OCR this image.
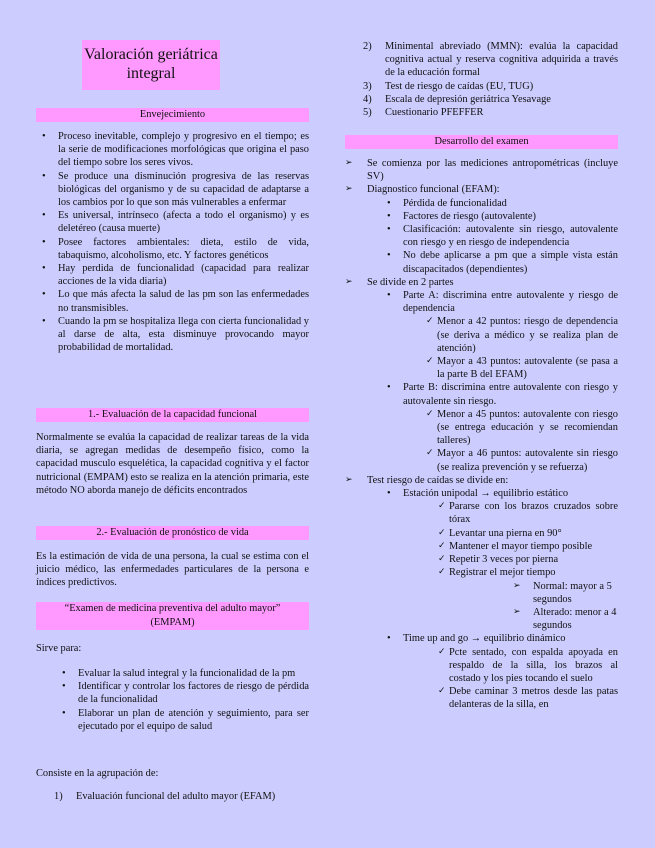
Valoración geriátrica integral
Envejecimiento
• Proceso inevitable, complejo y progresivo en el tiempo; es la serie de modificaciones morfológicas que origina el paso del tiempo sobre los seres vivos.
• Se produce una disminución progresiva de las reservas biológicas del organismo y de su capacidad de adaptarse a los cambios por lo que son más vulnerables a enfermar
• Es universal, intrínseco (afecta a todo el organismo) y es deletéreo (causa muerte)
• Posee factores ambientales: dieta, estilo de vida, tabaquismo, alcoholismo, etc. Y factores genéticos
• Hay perdida de funcionalidad (capacidad para realizar acciones de la vida diaria)
• Lo que más afecta la salud de las pm son las enfermedades no transmisibles.
• Cuando la pm se hospitaliza llega con cierta funcionalidad y al darse de alta, esta disminuye provocando mayor probabilidad de mortalidad.
1.- Evaluación de la capacidad funcional
Normalmente se evalúa la capacidad de realizar tareas de la vida diaria, se agregan medidas de desempeño físico, como la capacidad musculo esquelética, la capacidad cognitiva y el factor nutricional (EMPAM) esto se realiza en la atención primaria, este método NO aborda manejo de déficits encontrados
2.- Evaluación de pronóstico de vida
Es la estimación de vida de una persona, la cual se estima con el juicio médico, las enfermedades particulares de la persona e índices predictivos.
“Examen de medicina preventiva del adulto mayor”
(EMPAM)
Sirve para:
• Evaluar la salud integral y la funcionalidad de la pm
• Identificar y controlar los factores de riesgo de pérdida de la funcionalidad
• Elaborar un plan de atención y seguimiento, para ser ejecutado por el equipo de salud
Consiste en la agrupación de:
1) Evaluación funcional del adulto mayor (EFAM)
2) Minimental abreviado (MMN): evalúa la capacidad cognitiva actual y reserva cognitiva adquirida a través de la educación formal
3) Test de riesgo de caídas (EU, TUG)
4) Escala de depresión geriátrica Yesavage
5) Cuestionario PFEFFER
Desarrollo del examen
➢ Se comienza por las mediciones antropométricas (incluye SV)
➢ Diagnostico funcional (EFAM):
• Pérdida de funcionalidad
• Factores de riesgo (autovalente)
• Clasificación: autovalente sin riesgo, autovalente con riesgo y en riesgo de independencia
• No debe aplicarse a pm que a simple vista están discapacitados (dependientes)
➢ Se divide en 2 partes
• Parte A: discrimina entre autovalente y riesgo de dependencia
✓ Menor a 42 puntos: riesgo de dependencia (se deriva a médico y se realiza plan de atención)
✓ Mayor a 43 puntos: autovalente (se pasa a la parte B del EFAM)
• Parte B: discrimina entre autovalente con riesgo y autovalente sin riesgo.
✓ Menor a 45 puntos: autovalente con riesgo (se entrega educación y se recomiendan talleres)
✓ Mayor a 46 puntos: autovalente sin riesgo (se realiza prevención y se refuerza)
➢ Test riesgo de caídas se divide en:
• Estación unipodal → equilibrio estático
✓ Pararse con los brazos cruzados sobre tórax
✓ Levantar una pierna en 90°
✓ Mantener el mayor tiempo posible
✓ Repetir 3 veces por pierna
✓ Registrar el mejor tiempo
➢ Normal: mayor a 5 segundos
➢ Alterado: menor a 4 segundos
• Time up and go → equilibrio dinámico
✓ Pcte sentado, con espalda apoyada en respaldo de la silla, los brazos al costado y los pies tocando el suelo
✓ Debe caminar 3 metros desde las patas delanteras de la silla, en
